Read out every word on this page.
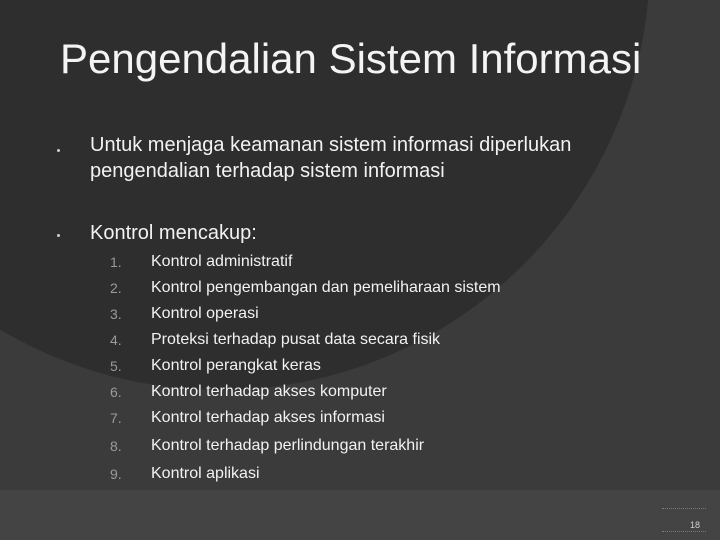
Pengendalian Sistem Informasi
Untuk menjaga keamanan sistem informasi diperlukan pengendalian terhadap sistem informasi
Kontrol mencakup:
1.	Kontrol administratif
2.	Kontrol pengembangan dan pemeliharaan sistem
3.	Kontrol operasi
4.	Proteksi terhadap pusat data secara fisik
5.	Kontrol perangkat keras
6.	Kontrol terhadap akses komputer
7.	Kontrol terhadap akses informasi
8.	Kontrol terhadap perlindungan terakhir
9.	Kontrol aplikasi
18
